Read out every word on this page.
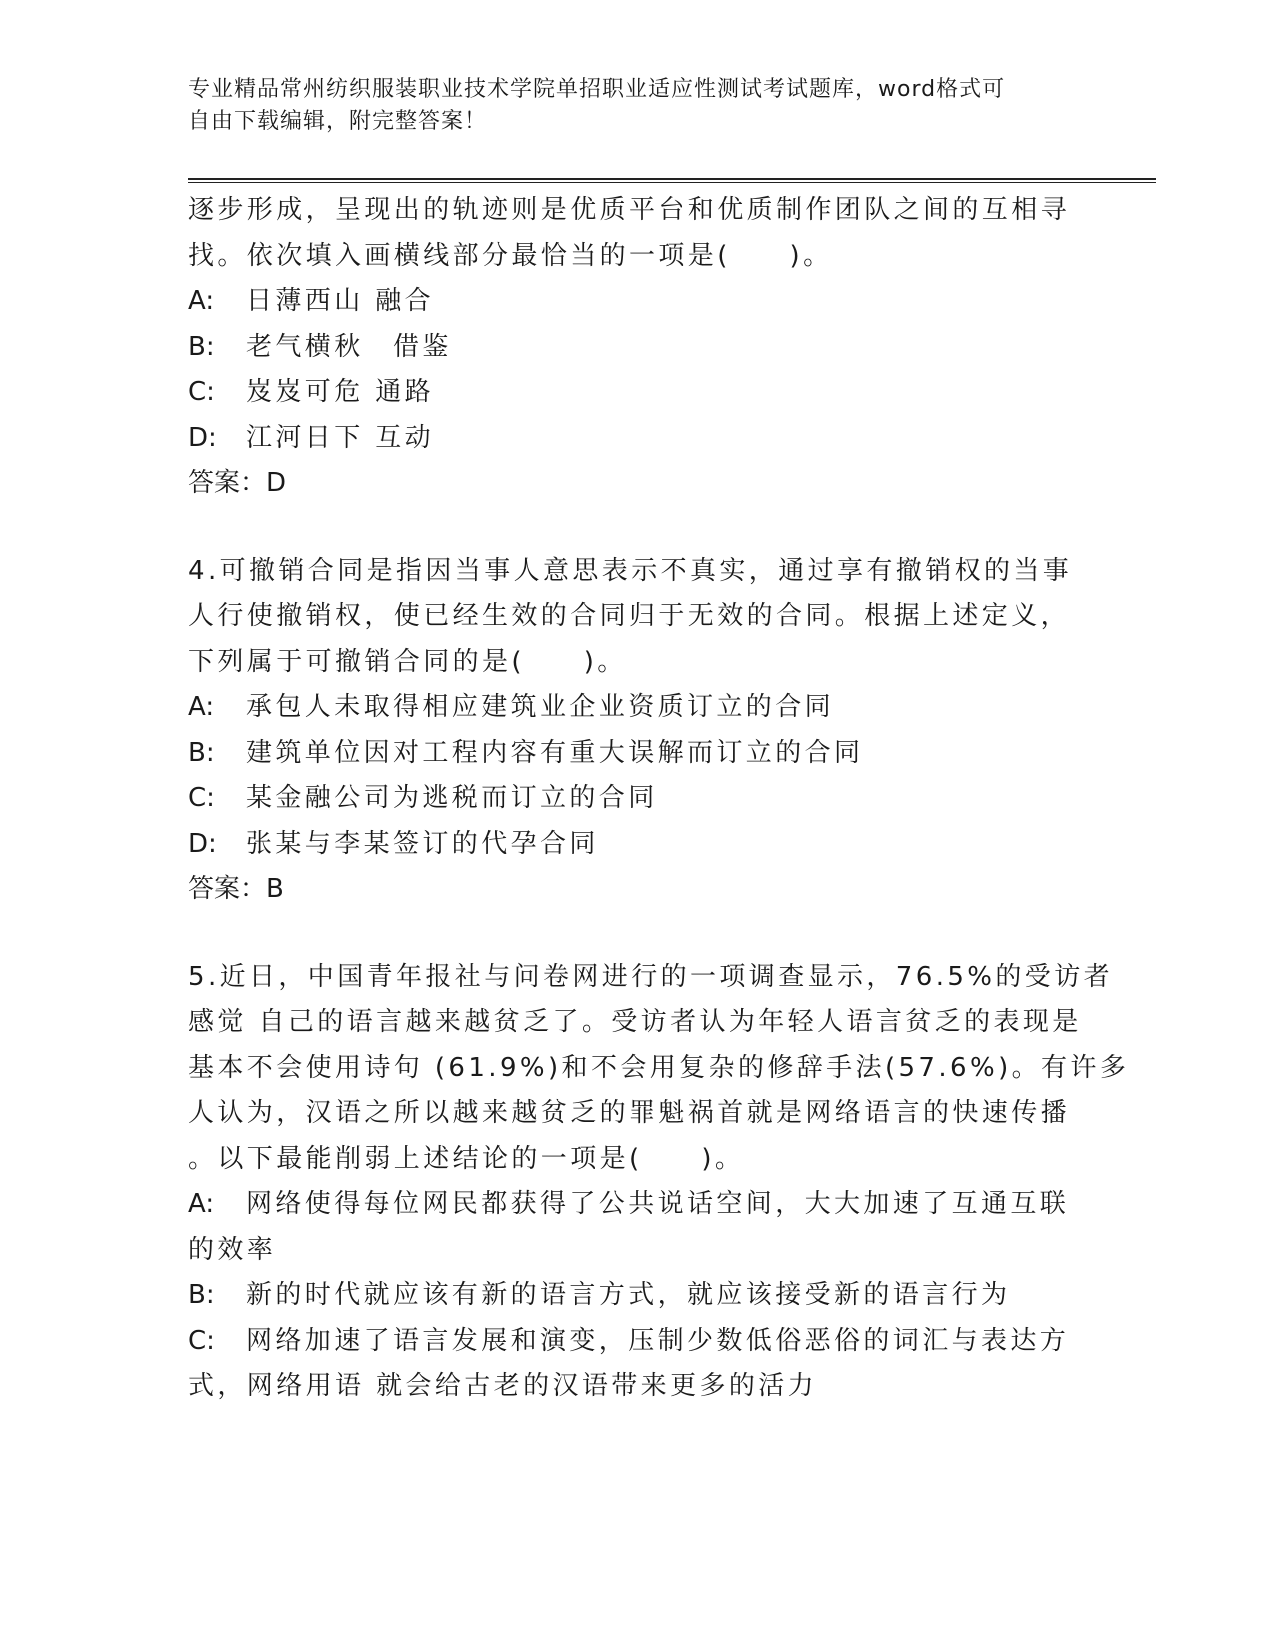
专业精品常州纺织服装职业技术学院单招职业适应性测试考试题库，word格式可
自由下载编辑，附完整答案！
逐步形成，呈现出的轨迹则是优质平台和优质制作团队之间的互相寻
找。依次填入画横线部分最恰当的一项是(　　)。
A: 日薄西山 融合
B: 老气横秋　借鉴
C: 岌岌可危 通路
D: 江河日下 互动
答案：D
4.可撤销合同是指因当事人意思表示不真实，通过享有撤销权的当事
人行使撤销权，使已经生效的合同归于无效的合同。根据上述定义，
下列属于可撤销合同的是(　　)。
A: 承包人未取得相应建筑业企业资质订立的合同
B: 建筑单位因对工程内容有重大误解而订立的合同
C: 某金融公司为逃税而订立的合同
D: 张某与李某签订的代孕合同
答案：B
5.近日，中国青年报社与问卷网进行的一项调查显示，76.5%的受访者
感觉 自己的语言越来越贫乏了。受访者认为年轻人语言贫乏的表现是
基本不会使用诗句 (61.9%)和不会用复杂的修辞手法(57.6%)。有许多
人认为，汉语之所以越来越贫乏的罪魁祸首就是网络语言的快速传播
。以下最能削弱上述结论的一项是(　　)。
A: 网络使得每位网民都获得了公共说话空间，大大加速了互通互联
的效率
B: 新的时代就应该有新的语言方式，就应该接受新的语言行为
C: 网络加速了语言发展和演变，压制少数低俗恶俗的词汇与表达方
式，网络用语 就会给古老的汉语带来更多的活力
